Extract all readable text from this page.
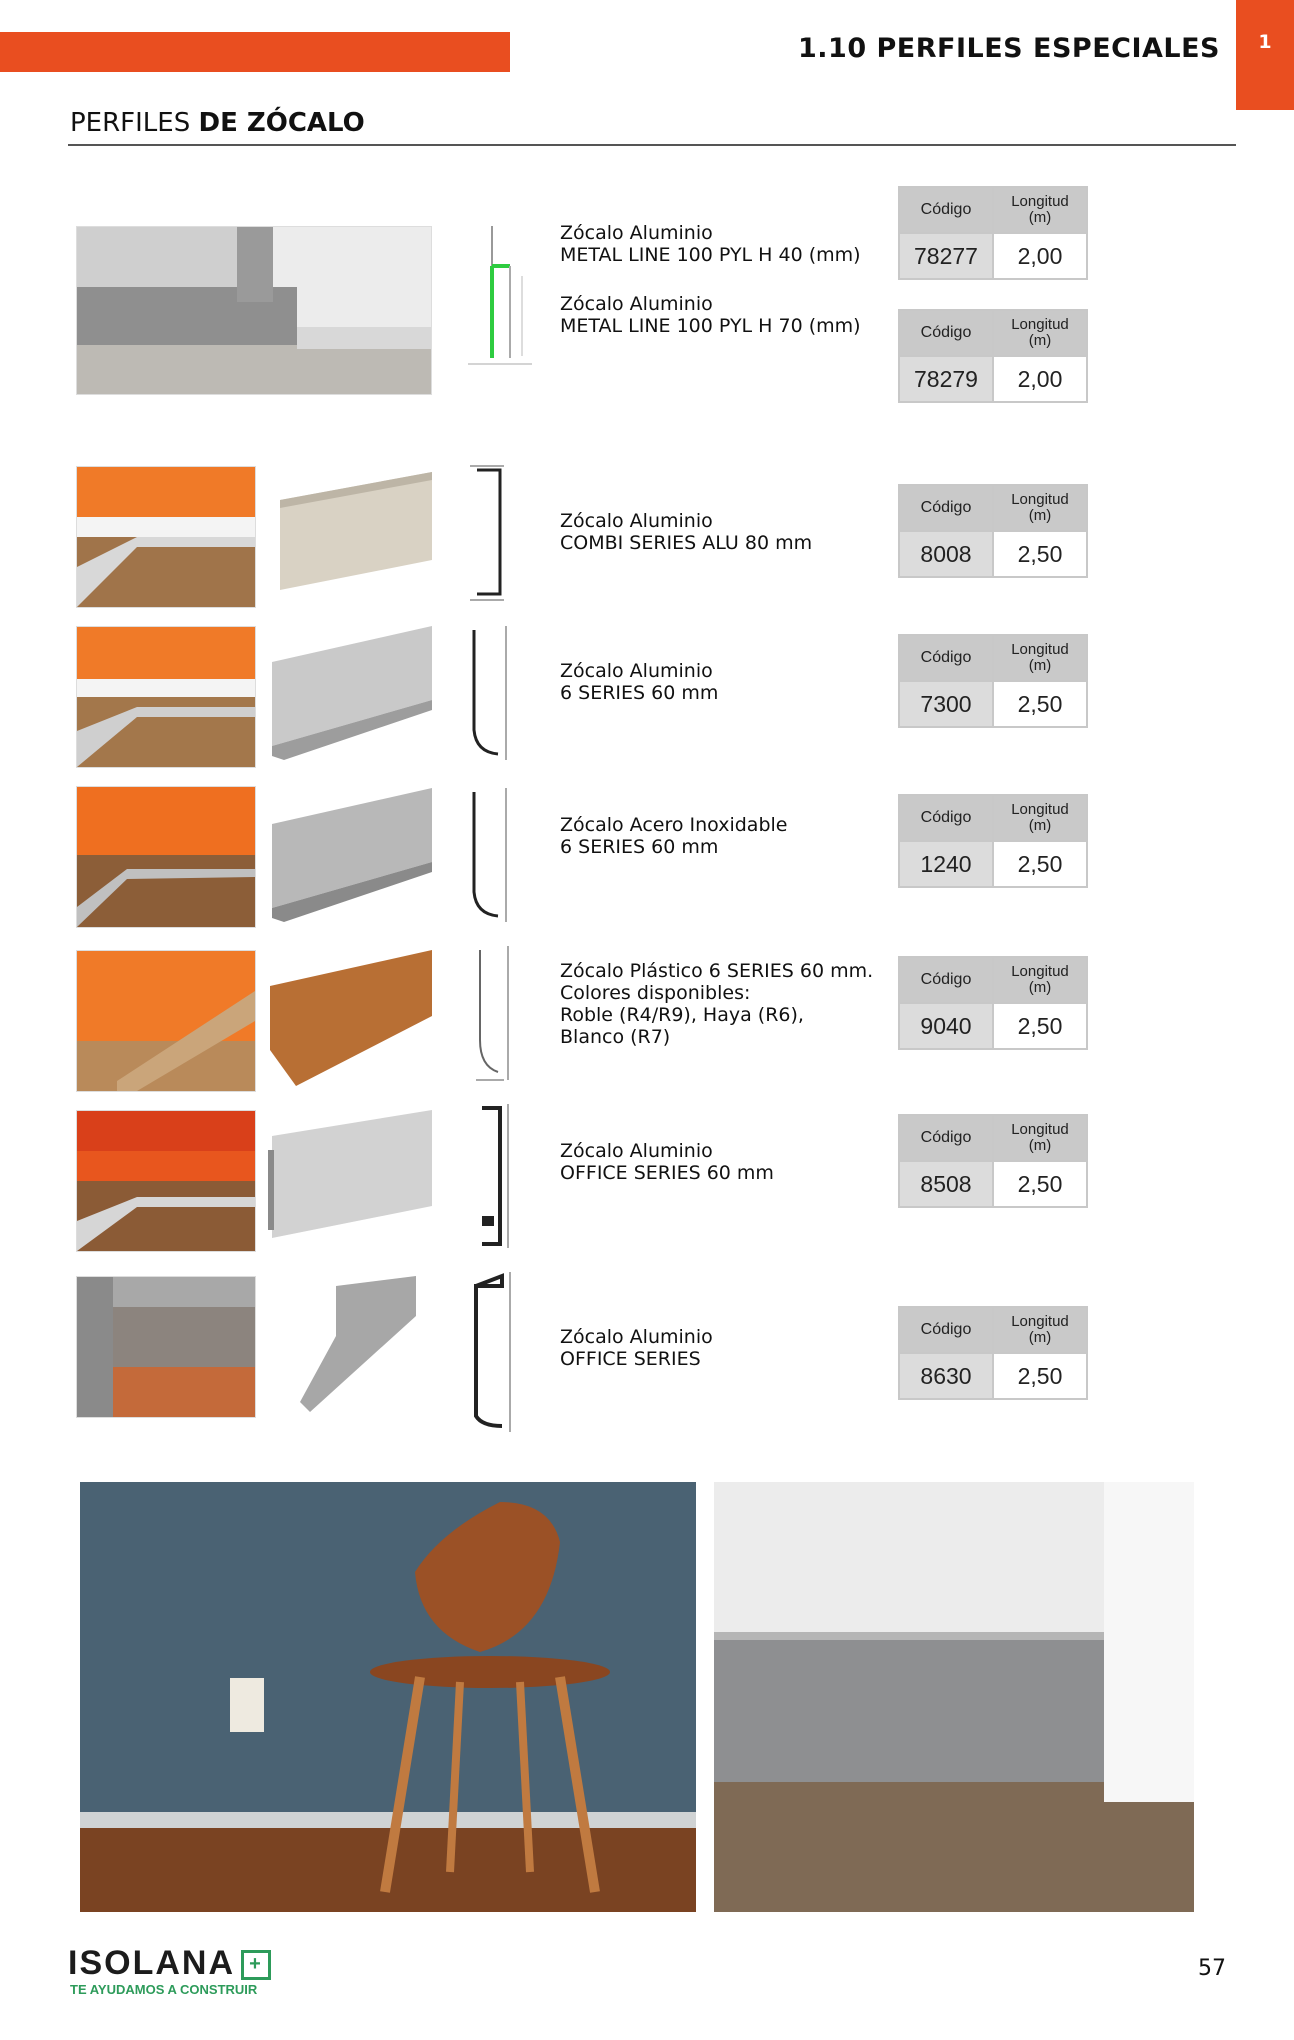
1
1.10 PERFILES ESPECIALES
PERFILES DE ZÓCALO
Zócalo Aluminio
METAL LINE 100 PYL H 40 (mm)
Zócalo Aluminio
METAL LINE 100 PYL H 70 (mm)
Código	Longitud
(m)
78277	2,00
Código	Longitud
(m)
78279	2,00
Zócalo Aluminio
COMBI SERIES ALU 80 mm
Código	Longitud
(m)
8008	2,50
Zócalo Aluminio
6 SERIES 60 mm
Código	Longitud
(m)
7300	2,50
Zócalo Acero Inoxidable
6 SERIES 60 mm
Código	Longitud
(m)
1240	2,50
Zócalo Plástico 6 SERIES 60 mm.
Colores disponibles:
Roble (R4/R9), Haya (R6),
Blanco (R7)
Código	Longitud
(m)
9040	2,50
Zócalo Aluminio
OFFICE SERIES 60 mm
Código	Longitud
(m)
8508	2,50
Zócalo Aluminio
OFFICE SERIES
Código	Longitud
(m)
8630	2,50
ISOLANA +
TE AYUDAMOS A CONSTRUIR
57
